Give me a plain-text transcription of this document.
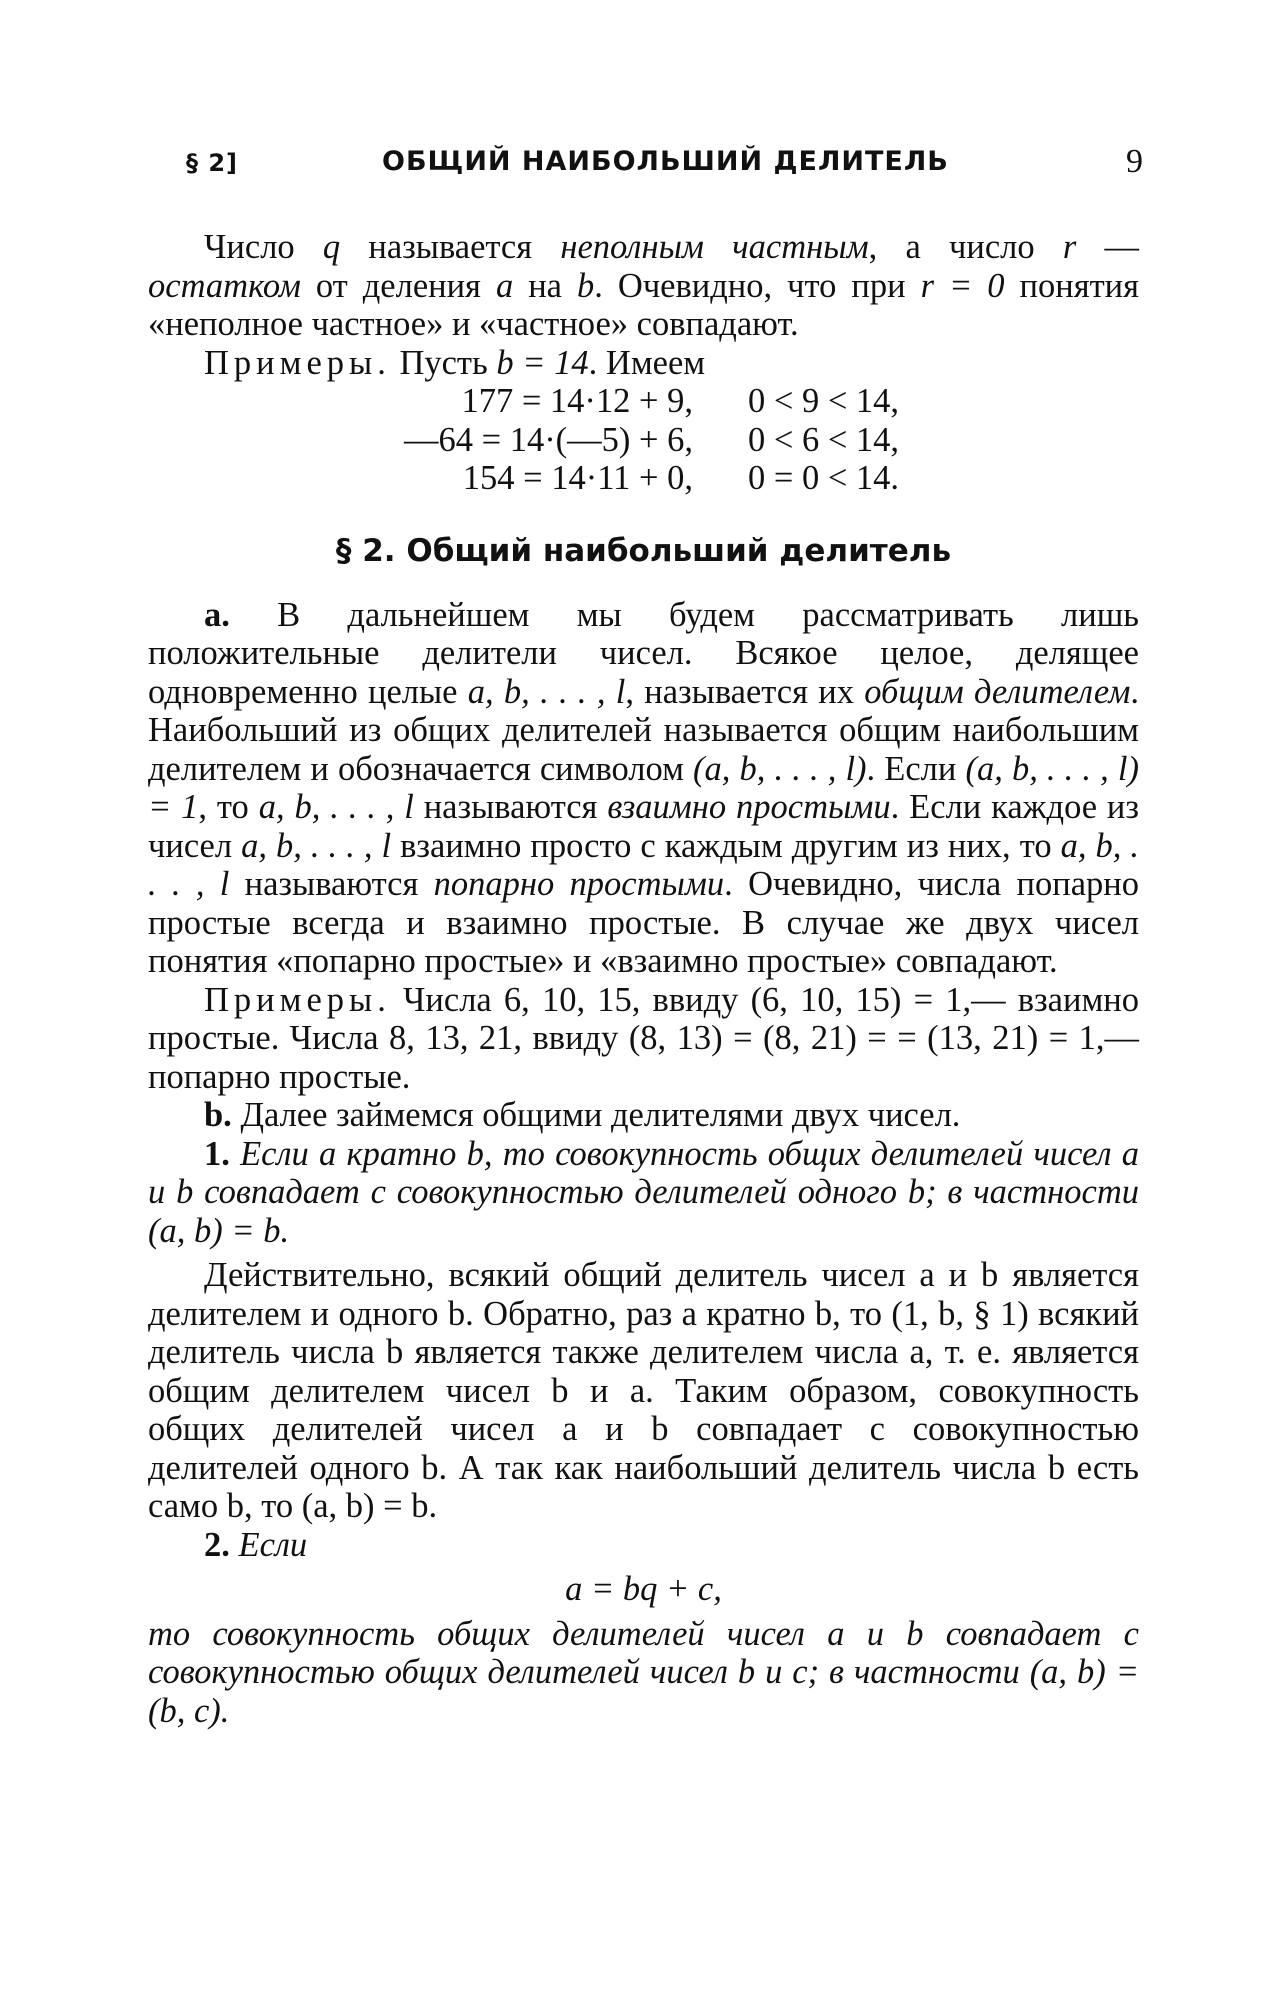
§ 2]	ОБЩИЙ НАИБОЛЬШИЙ ДЕЛИТЕЛЬ	9

Число q называется неполным частным, а число r — остатком от деления a на b. Очевидно, что при r = 0 понятия «неполное частное» и «частное» совпадают.

Примеры. Пусть b = 14. Имеем

177 = 14·12 + 9, 0 < 9 < 14,
—64 = 14·(—5) + 6, 0 < 6 < 14,
154 = 14·11 + 0, 0 = 0 < 14.
§ 2. Общий наибольший делитель

a. В дальнейшем мы будем рассматривать лишь положительные делители чисел. Всякое целое, делящее одновременно целые a, b, . . . , l, называется их общим делителем. Наибольший из общих делителей называется общим наибольшим делителем и обозначается символом (a, b, . . . , l). Если (a, b, . . . , l) = 1, то a, b, . . . , l называются взаимно простыми. Если каждое из чисел a, b, . . . , l взаимно просто с каждым другим из них, то a, b, . . . , l называются попарно простыми. Очевидно, числа попарно простые всегда и взаимно простые. В случае же двух чисел понятия «попарно простые» и «взаимно простые» совпадают.

Примеры. Числа 6, 10, 15, ввиду (6, 10, 15) = 1,— взаимно простые. Числа 8, 13, 21, ввиду (8, 13) = (8, 21) = = (13, 21) = 1,— попарно простые.

b. Далее займемся общими делителями двух чисел.

1. Если a кратно b, то совокупность общих делителей чисел a и b совпадает с совокупностью делителей одного b; в частности (a, b) = b.

Действительно, всякий общий делитель чисел a и b является делителем и одного b. Обратно, раз a кратно b, то (1, b, § 1) всякий делитель числа b является также делителем числа a, т. е. является общим делителем чисел b и a. Таким образом, совокупность общих делителей чисел a и b совпадает с совокупностью делителей одного b. А так как наибольший делитель числа b есть само b, то (a, b) = b.

2. Если

a = bq + c,

то совокупность общих делителей чисел a и b совпадает с совокупностью общих делителей чисел b и c; в частности (a, b) = (b, c).
